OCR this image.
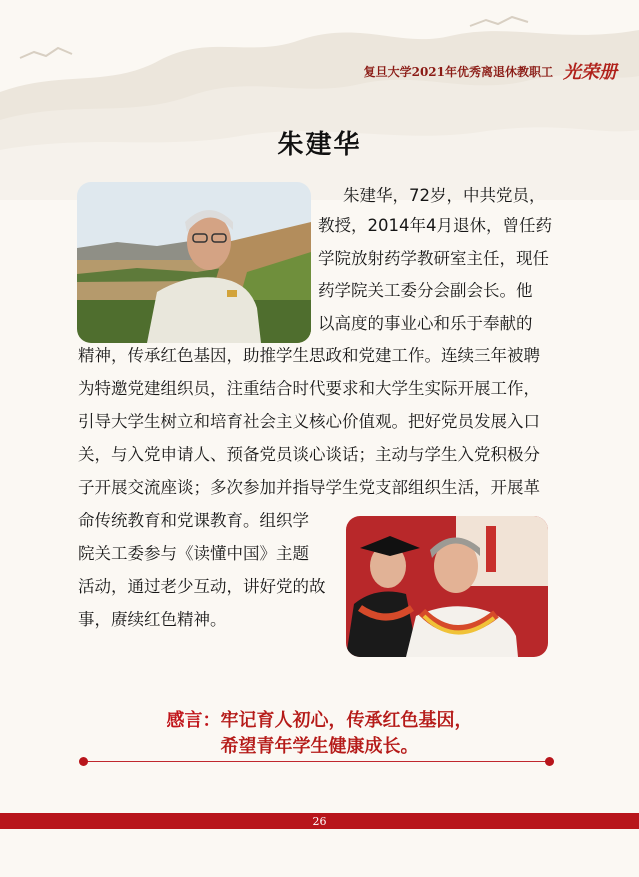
复旦大学2021年优秀离退休教职工 光荣册
朱建华
朱建华，72岁，中共党员，
教授，2014年4月退休，曾任药
学院放射药学教研室主任，现任
药学院关工委分会副会长。他
以高度的事业心和乐于奉献的
精神，传承红色基因，助推学生思政和党建工作。连续三年被聘
为特邀党建组织员，注重结合时代要求和大学生实际开展工作，
引导大学生树立和培育社会主义核心价值观。把好党员发展入口
关，与入党申请人、预备党员谈心谈话；主动与学生入党积极分
子开展交流座谈；多次参加并指导学生党支部组织生活，开展革
命传统教育和党课教育。组织学
院关工委参与《读懂中国》主题
活动，通过老少互动，讲好党的故
事，赓续红色精神。
感言：牢记育人初心，传承红色基因，
希望青年学生健康成长。
26
